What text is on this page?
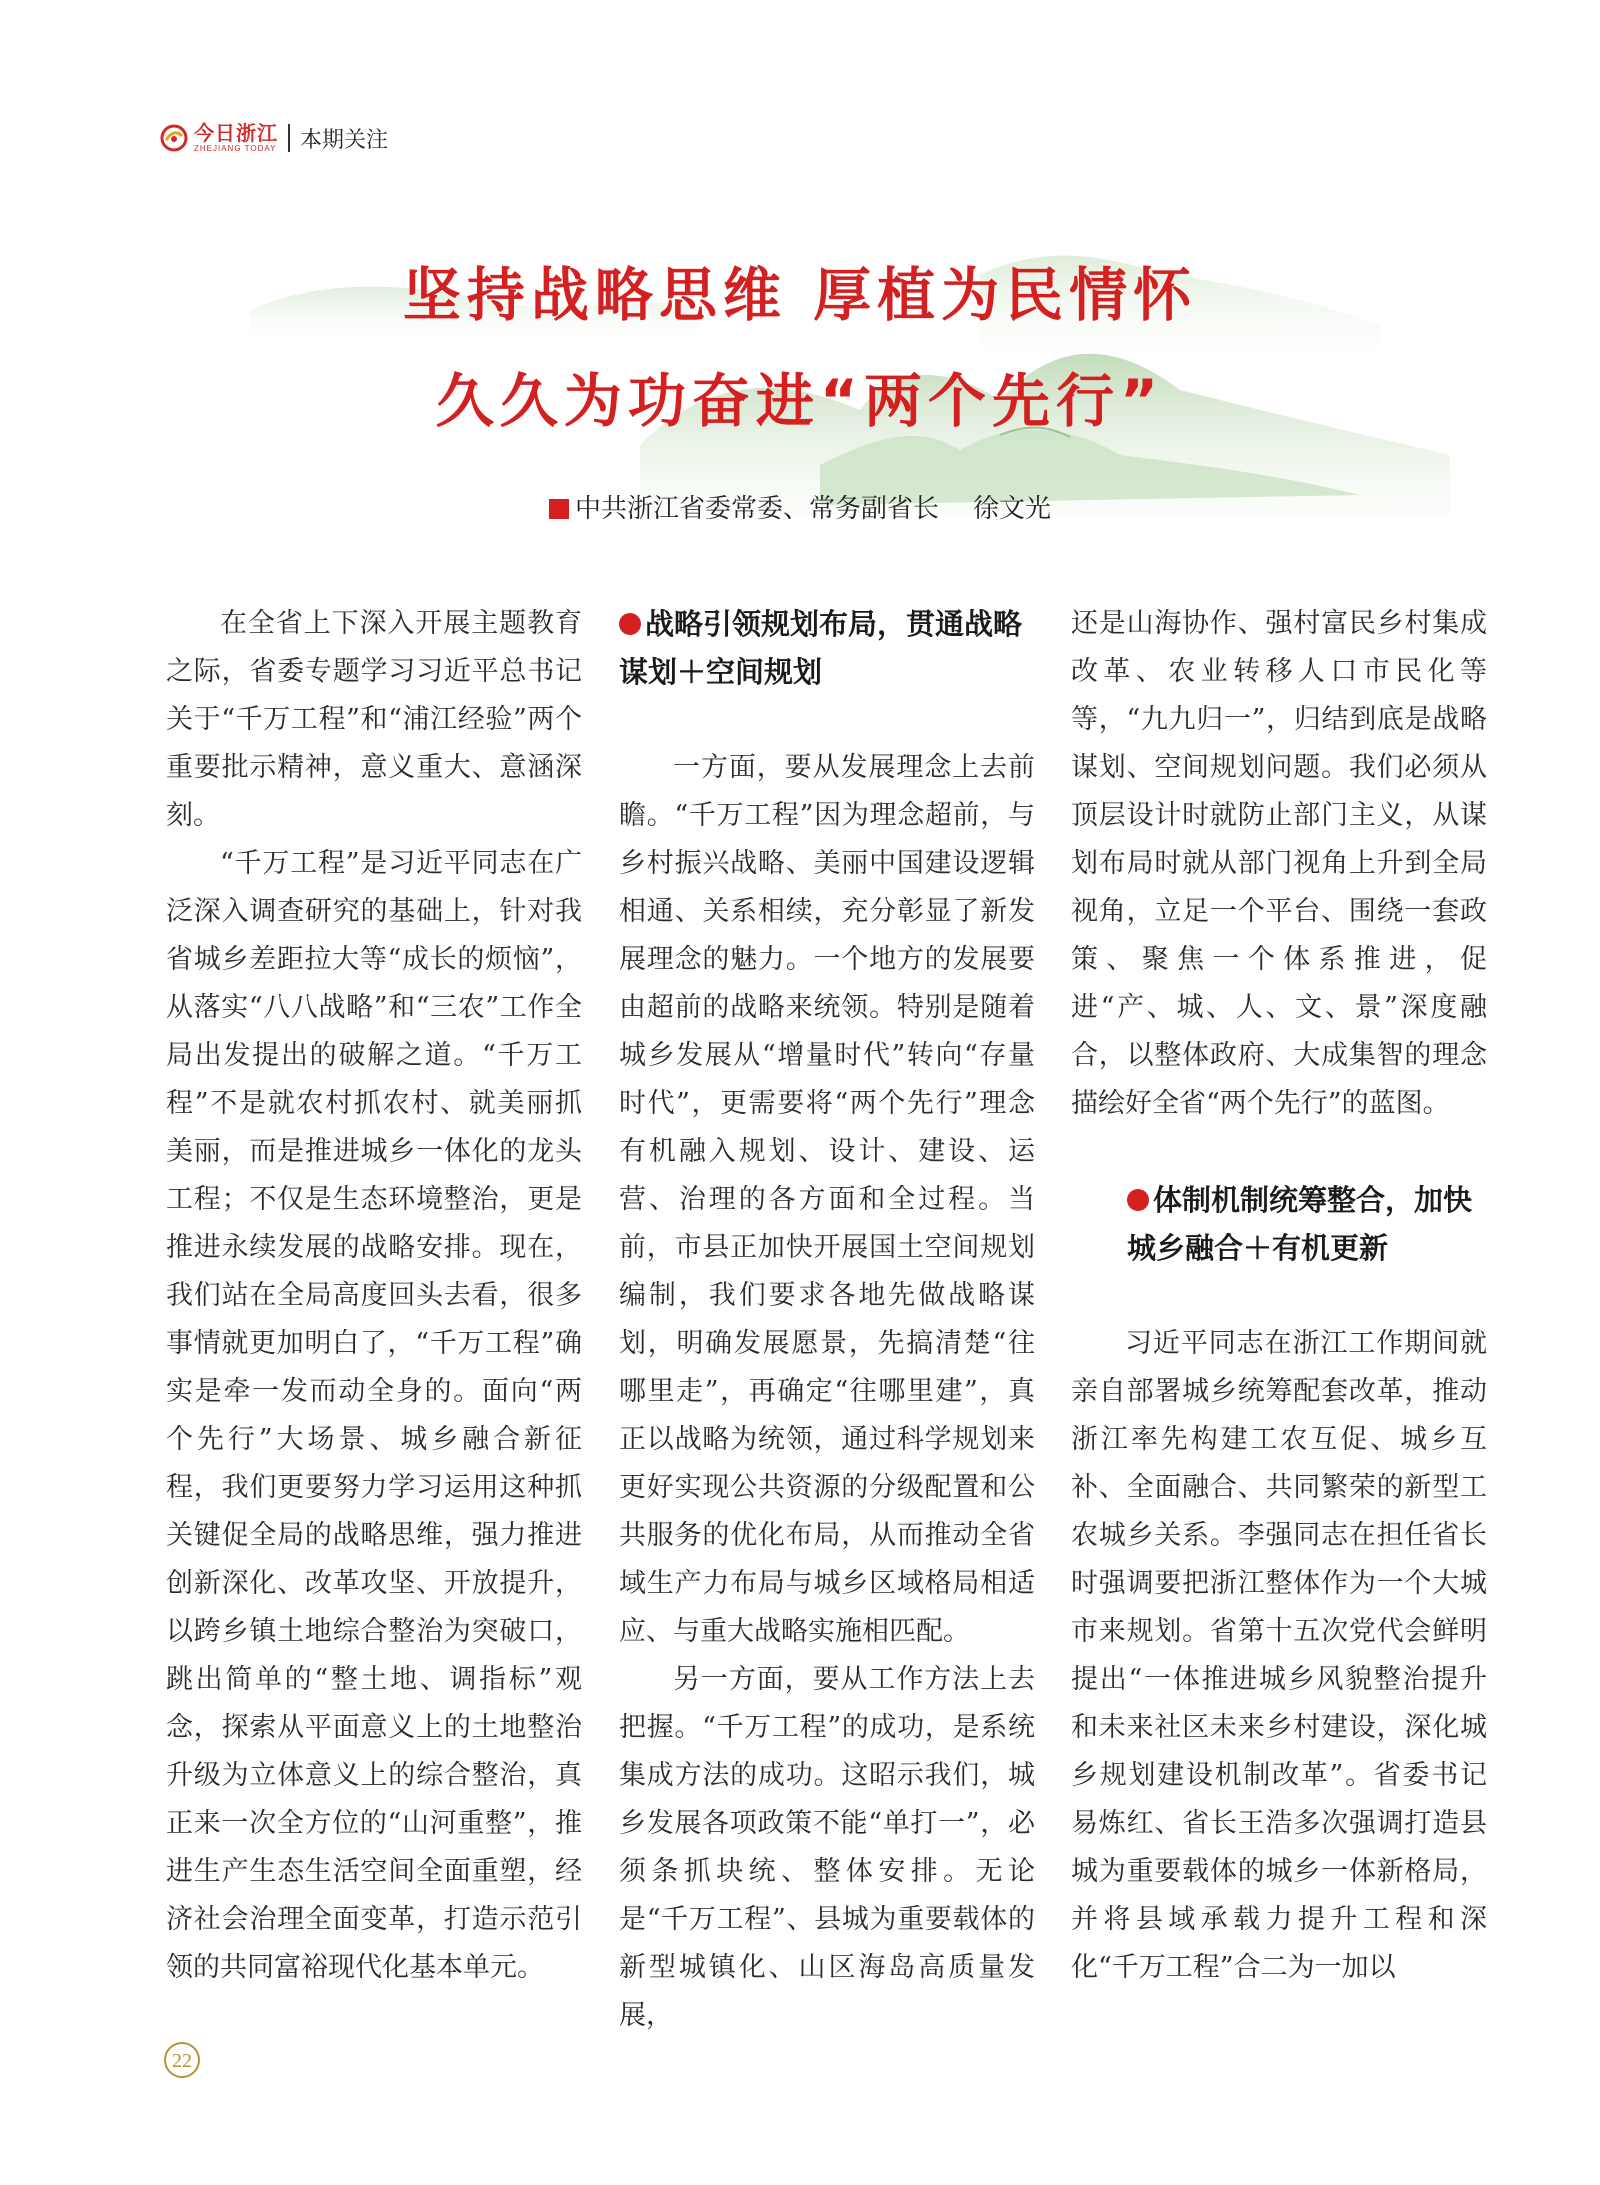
今日浙江
ZHEJIANG TODAY 本期关注
坚持战略思维 厚植为民情怀
久久为功奋进“两个先行”
中共浙江省委常委、常务副省长 徐文光

在全省上下深入开展主题教育之际，省委专题学习习近平总书记关于“千万工程”和“浦江经验”两个重要批示精神，意义重大、意涵深刻。

“千万工程”是习近平同志在广泛深入调查研究的基础上，针对我省城乡差距拉大等“成长的烦恼”，从落实“八八战略”和“三农”工作全局出发提出的破解之道。“千万工程”不是就农村抓农村、就美丽抓美丽，而是推进城乡一体化的龙头工程；不仅是生态环境整治，更是推进永续发展的战略安排。现在，我们站在全局高度回头去看，很多事情就更加明白了，“千万工程”确实是牵一发而动全身的。面向“两个先行”大场景、城乡融合新征程，我们更要努力学习运用这种抓关键促全局的战略思维，强力推进创新深化、改革攻坚、开放提升，以跨乡镇土地综合整治为突破口，跳出简单的“整土地、调指标”观念，探索从平面意义上的土地整治升级为立体意义上的综合整治，真正来一次全方位的“山河重整”，推进生产生态生活空间全面重塑，经济社会治理全面变革，打造示范引领的共同富裕现代化基本单元。

战略引领规划布局，贯通战略谋划＋空间规划

一方面，要从发展理念上去前瞻。“千万工程”因为理念超前，与乡村振兴战略、美丽中国建设逻辑相通、关系相续，充分彰显了新发展理念的魅力。一个地方的发展要由超前的战略来统领。特别是随着城乡发展从“增量时代”转向“存量时代”，更需要将“两个先行”理念有机融入规划、设计、建设、运营、治理的各方面和全过程。当前，市县正加快开展国土空间规划编制，我们要求各地先做战略谋划，明确发展愿景，先搞清楚“往哪里走”，再确定“往哪里建”，真正以战略为统领，通过科学规划来更好实现公共资源的分级配置和公共服务的优化布局，从而推动全省域生产力布局与城乡区域格局相适应、与重大战略实施相匹配。

另一方面，要从工作方法上去把握。“千万工程”的成功，是系统集成方法的成功。这昭示我们，城乡发展各项政策不能“单打一”，必须条抓块统、整体安排。无论是“千万工程”、县城为重要载体的新型城镇化、山区海岛高质量发展，

还是山海协作、强村富民乡村集成改革、农业转移人口市民化等等，“九九归一”，归结到底是战略谋划、空间规划问题。我们必须从顶层设计时就防止部门主义，从谋划布局时就从部门视角上升到全局视角，立足一个平台、围绕一套政策、聚焦一个体系推进，促进“产、城、人、文、景”深度融合，以整体政府、大成集智的理念描绘好全省“两个先行”的蓝图。

体制机制统筹整合，加快城乡融合＋有机更新

习近平同志在浙江工作期间就亲自部署城乡统筹配套改革，推动浙江率先构建工农互促、城乡互补、全面融合、共同繁荣的新型工农城乡关系。李强同志在担任省长时强调要把浙江整体作为一个大城市来规划。省第十五次党代会鲜明提出“一体推进城乡风貌整治提升和未来社区未来乡村建设，深化城乡规划建设机制改革”。省委书记易炼红、省长王浩多次强调打造县城为重要载体的城乡一体新格局，并将县域承载力提升工程和深化“千万工程”合二为一加以

22
